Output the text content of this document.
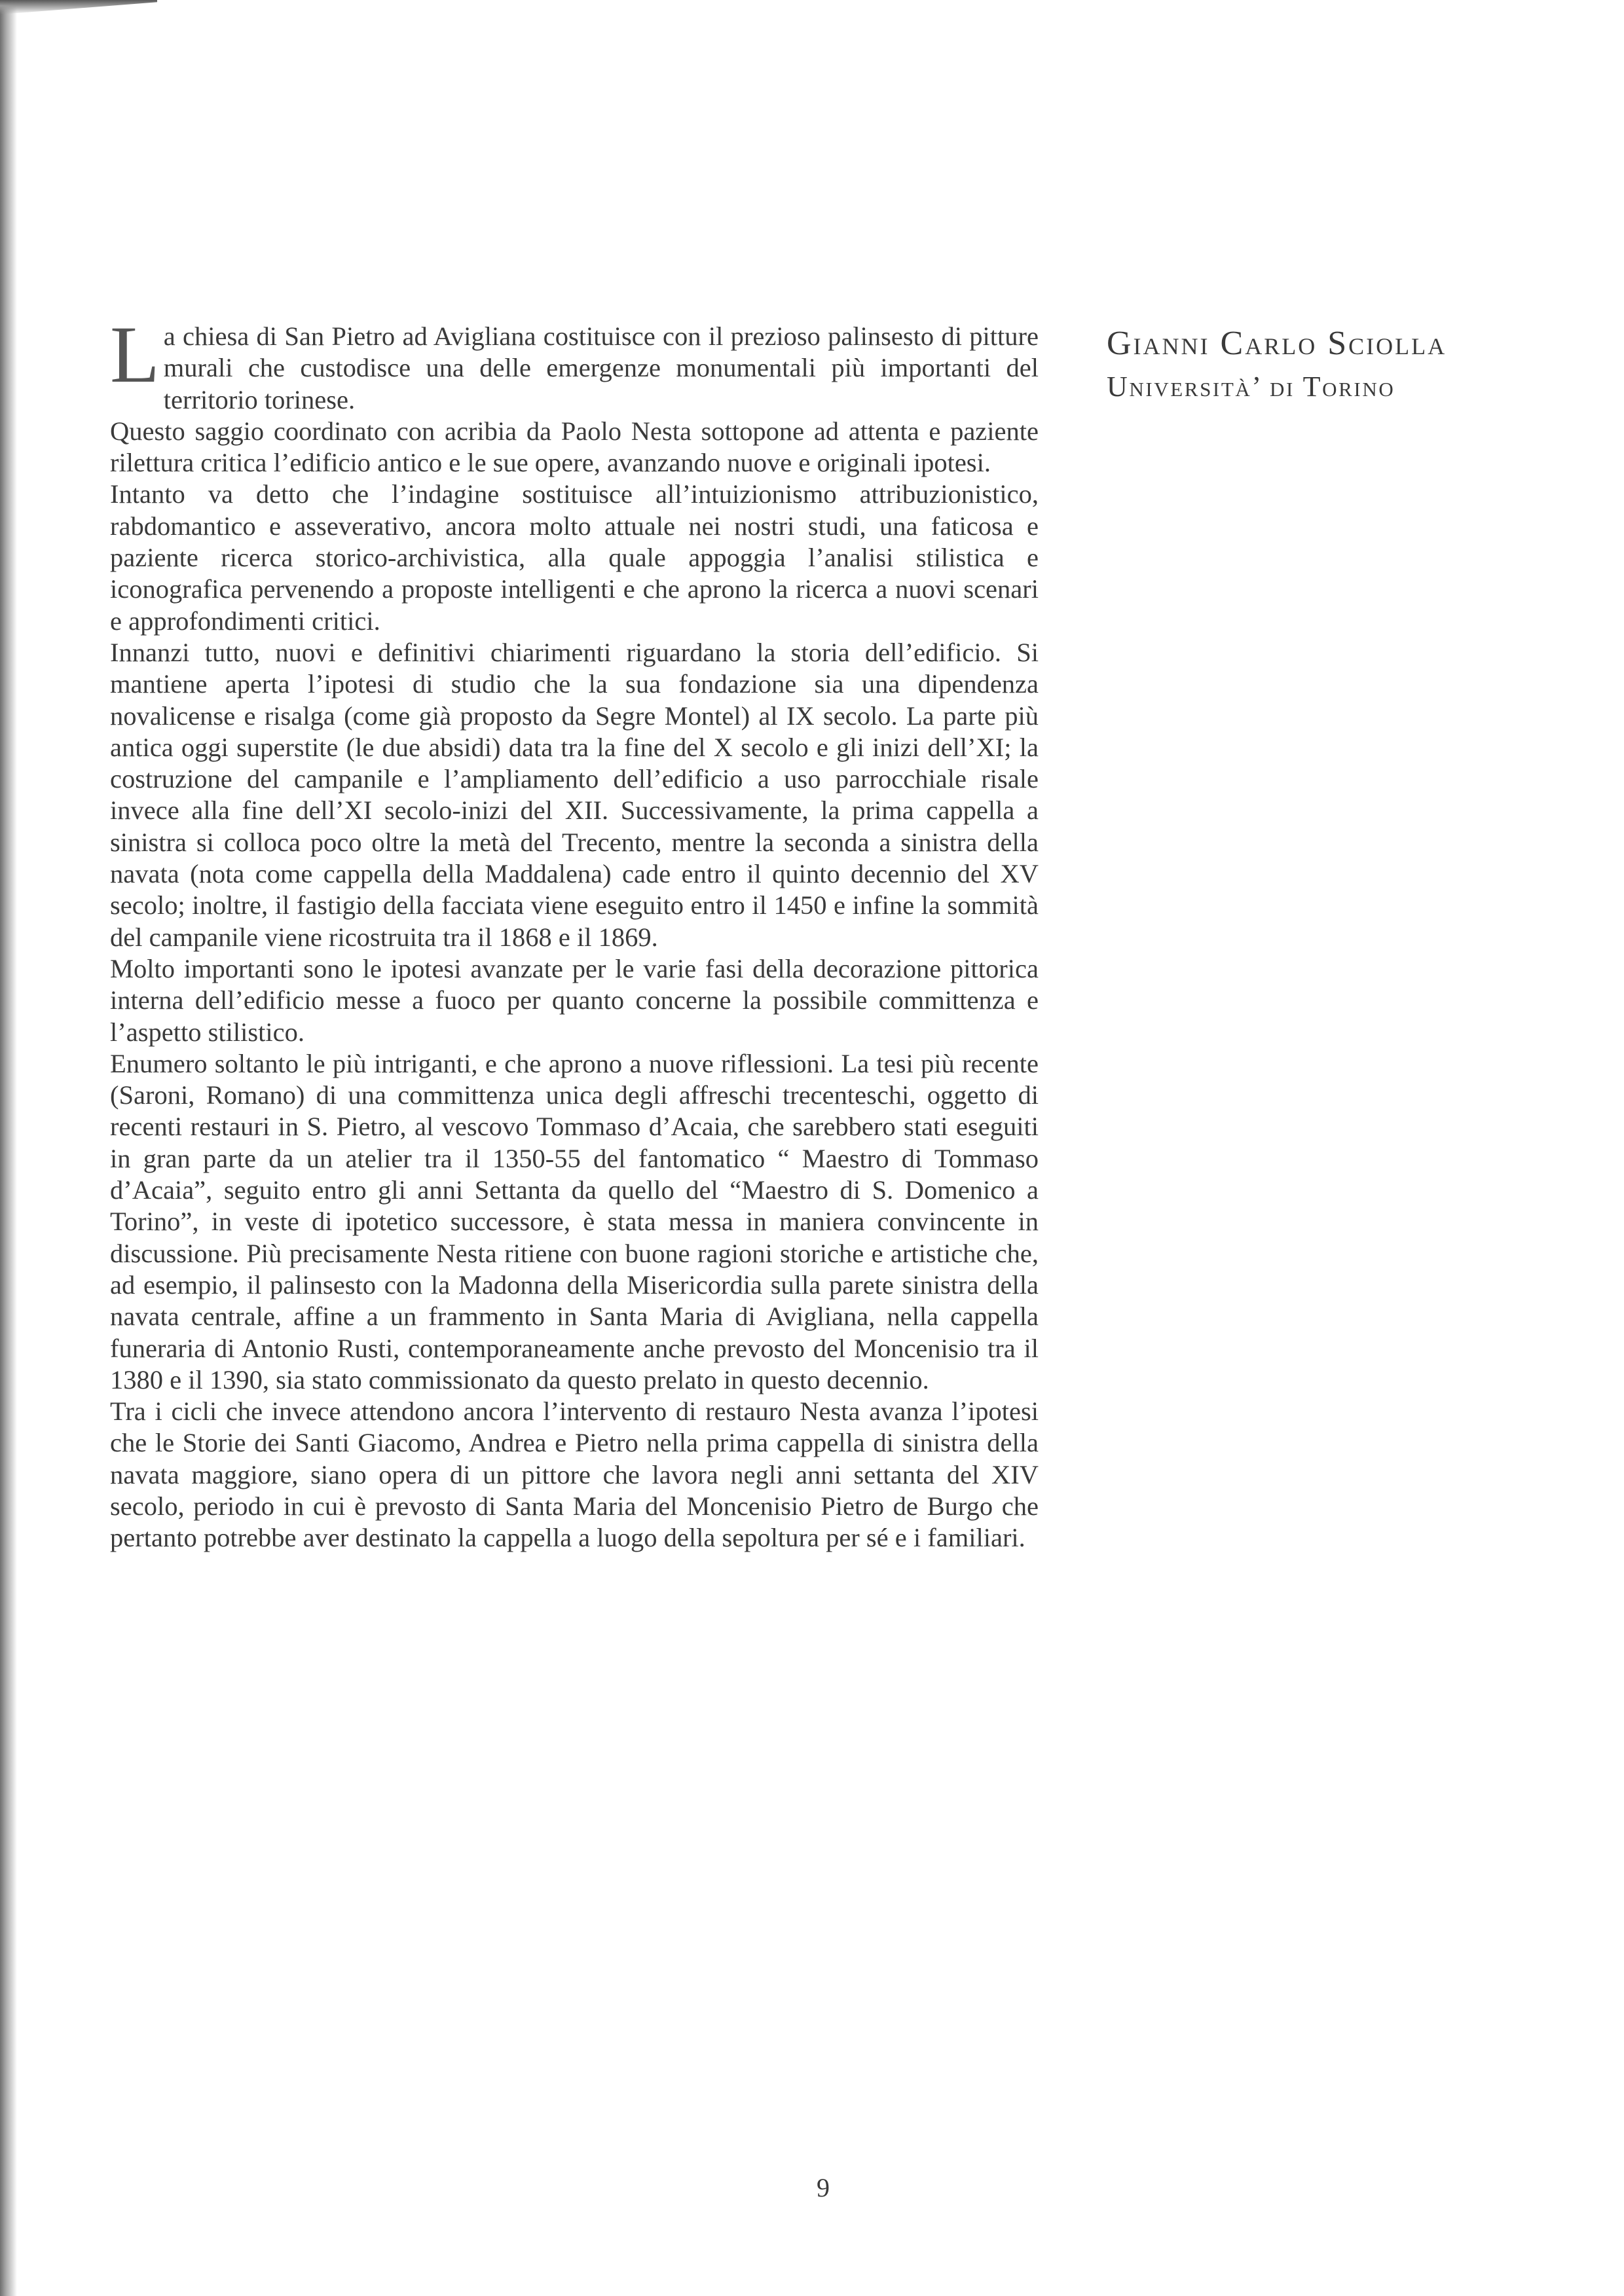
Gianni Carlo Sciolla
Università’ di Torino

La chiesa di San Pietro ad Avigliana costituisce con il prezioso palinsesto di pitture murali che custodisce una delle emergenze monumentali più importanti del territorio torinese.

Questo saggio coordinato con acribia da Paolo Nesta sottopone ad attenta e paziente rilettura critica l’edificio antico e le sue opere, avanzando nuove e originali ipotesi.

Intanto va detto che l’indagine sostituisce all’intuizionismo attribuzionistico, rabdomantico e asseverativo, ancora molto attuale nei nostri studi, una faticosa e paziente ricerca storico-archivistica, alla quale appoggia l’analisi stilistica e iconografica pervenendo a proposte intelligenti e che aprono la ricerca a nuovi scenari e approfondimenti critici.

Innanzi tutto, nuovi e definitivi chiarimenti riguardano la storia dell’edificio. Si mantiene aperta l’ipotesi di studio che la sua fondazione sia una dipendenza novalicense e risalga (come già proposto da Segre Montel) al IX secolo. La parte più antica oggi superstite (le due absidi) data tra la fine del X secolo e gli inizi dell’XI; la costruzione del campanile e l’ampliamento dell’edificio a uso parrocchiale risale invece alla fine dell’XI secolo-inizi del XII. Successivamente, la prima cappella a sinistra si colloca poco oltre la metà del Trecento, mentre la seconda a sinistra della navata (nota come cappella della Maddalena) cade entro il quinto decennio del XV secolo; inoltre, il fastigio della facciata viene eseguito entro il 1450 e infine la sommità del campanile viene ricostruita tra il 1868 e il 1869.

Molto importanti sono le ipotesi avanzate per le varie fasi della decorazione pittorica interna dell’edificio messe a fuoco per quanto concerne la possibile committenza e l’aspetto stilistico.

Enumero soltanto le più intriganti, e che aprono a nuove riflessioni. La tesi più recente (Saroni, Romano) di una committenza unica degli affreschi trecenteschi, oggetto di recenti restauri in S. Pietro, al vescovo Tommaso d’Acaia, che sarebbero stati eseguiti in gran parte da un atelier tra il 1350-55 del fantomatico “ Maestro di Tommaso d’Acaia”, seguito entro gli anni Settanta da quello del “Maestro di S. Domenico a Torino”, in veste di ipotetico successore, è stata messa in maniera convincente in discussione. Più precisamente Nesta ritiene con buone ragioni storiche e artistiche che, ad esempio, il palinsesto con la Madonna della Misericordia sulla parete sinistra della navata centrale, affine a un frammento in Santa Maria di Avigliana, nella cappella funeraria di Antonio Rusti, contemporaneamente anche prevosto del Moncenisio tra il 1380 e il 1390, sia stato commissionato da questo prelato in questo decennio.

Tra i cicli che invece attendono ancora l’intervento di restauro Nesta avanza l’ipotesi che le Storie dei Santi Giacomo, Andrea e Pietro nella prima cappella di sinistra della navata maggiore, siano opera di un pittore che lavora negli anni settanta del XIV secolo, periodo in cui è prevosto di Santa Maria del Moncenisio Pietro de Burgo che pertanto potrebbe aver destinato la cappella a luogo della sepoltura per sé e i familiari.

9
